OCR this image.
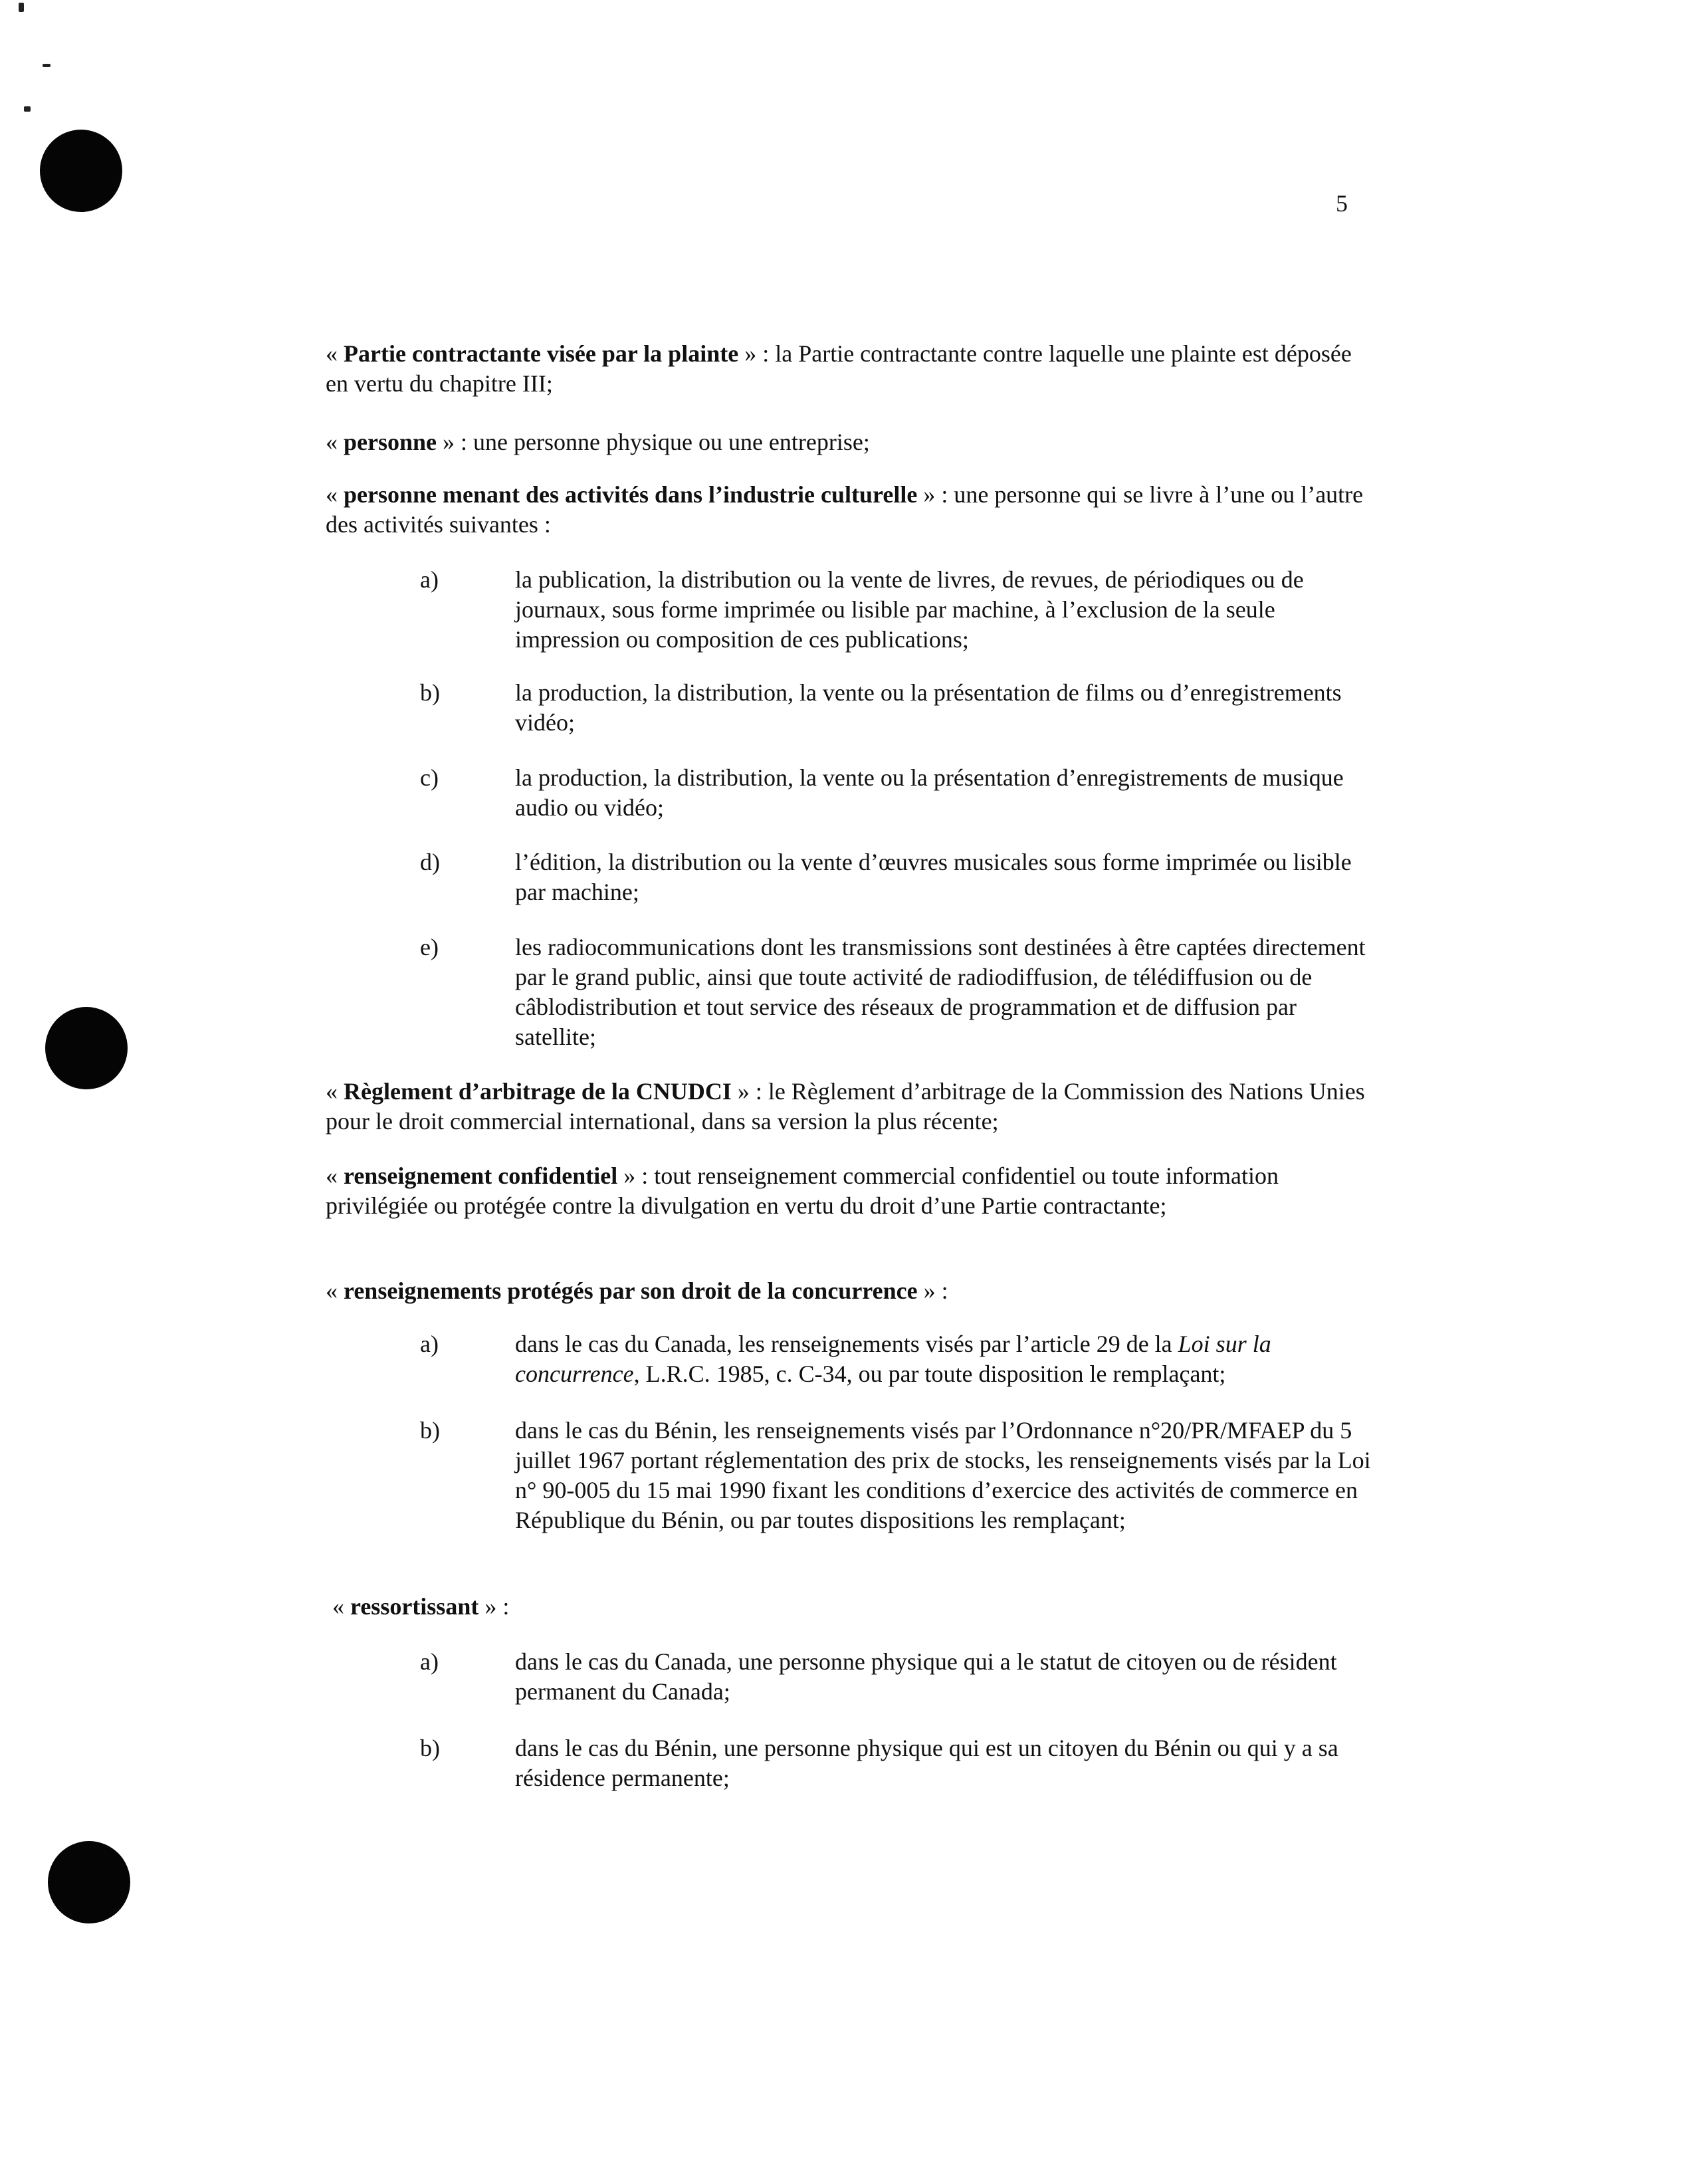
5
« Partie contractante visée par la plainte » : la Partie contractante contre laquelle une plainte est déposée en vertu du chapitre III;
« personne » : une personne physique ou une entreprise;
« personne menant des activités dans l’industrie culturelle » : une personne qui se livre à l’une ou l’autre des activités suivantes :
a)	la publication, la distribution ou la vente de livres, de revues, de périodiques ou de journaux, sous forme imprimée ou lisible par machine, à l’exclusion de la seule impression ou composition de ces publications;
b)	la production, la distribution, la vente ou la présentation de films ou d’enregistrements vidéo;
c)	la production, la distribution, la vente ou la présentation d’enregistrements de musique audio ou vidéo;
d)	l’édition, la distribution ou la vente d’œuvres musicales sous forme imprimée ou lisible par machine;
e)	les radiocommunications dont les transmissions sont destinées à être captées directement par le grand public, ainsi que toute activité de radiodiffusion, de télédiffusion ou de câblodistribution et tout service des réseaux de programmation et de diffusion par satellite;
« Règlement d’arbitrage de la CNUDCI » : le Règlement d’arbitrage de la Commission des Nations Unies pour le droit commercial international, dans sa version la plus récente;
« renseignement confidentiel » : tout renseignement commercial confidentiel ou toute information privilégiée ou protégée contre la divulgation en vertu du droit d’une Partie contractante;
« renseignements protégés par son droit de la concurrence » :
a)	dans le cas du Canada, les renseignements visés par l’article 29 de la Loi sur la concurrence, L.R.C. 1985, c. C-34, ou par toute disposition le remplaçant;
b)	dans le cas du Bénin, les renseignements visés par l’Ordonnance n°20/PR/MFAEP du 5 juillet 1967 portant réglementation des prix de stocks, les renseignements visés par la Loi n° 90-005 du 15 mai 1990 fixant les conditions d’exercice des activités de commerce en République du Bénin, ou par toutes dispositions les remplaçant;
« ressortissant » :
a)	dans le cas du Canada, une personne physique qui a le statut de citoyen ou de résident permanent du Canada;
b)	dans le cas du Bénin, une personne physique qui est un citoyen du Bénin ou qui y a sa résidence permanente;
